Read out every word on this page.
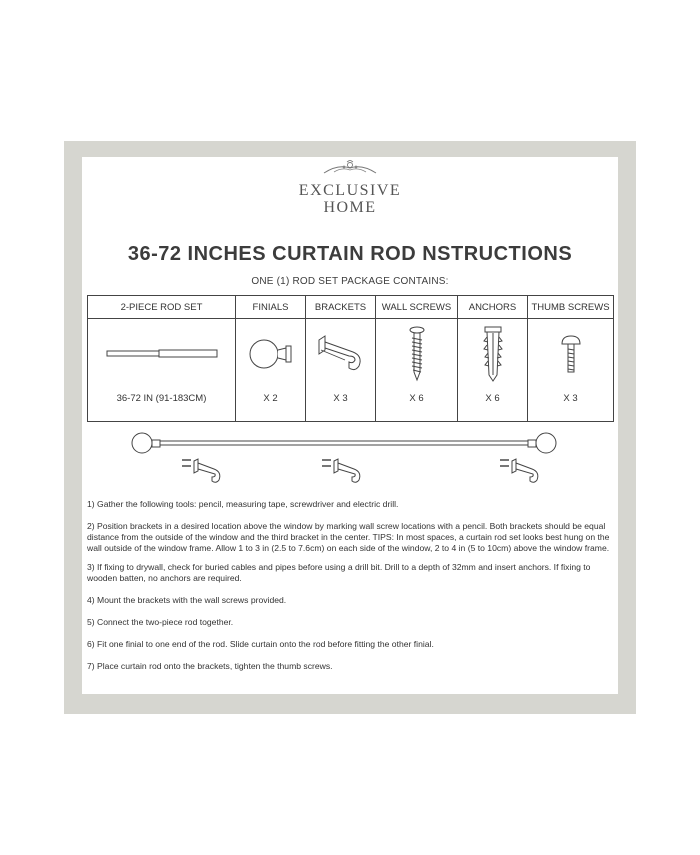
EXCLUSIVE
HOME
36-72 INCHES CURTAIN ROD NSTRUCTIONS
ONE (1) ROD SET PACKAGE CONTAINS:
2-PIECE ROD SET	FINIALS	BRACKETS	WALL SCREWS	ANCHORS	THUMB SCREWS

36-72 IN (91-183CM)	X 2	X 3	X 6	X 6	X 3

1) Gather the following tools: pencil, measuring tape, screwdriver and electric drill.

2) Position brackets in a desired location above the window by marking wall screw locations with a pencil. Both brackets should be equal distance from the outside of the window and the third bracket in the center. TIPS: In most spaces, a curtain rod set looks best hung on the wall outside of the window frame. Allow 1 to 3 in (2.5 to 7.6cm) on each side of the window, 2 to 4 in (5 to 10cm) above the window frame.

3) If fixing to drywall, check for buried cables and pipes before using a drill bit. Drill to a depth of 32mm and insert anchors. If fixing to wooden batten, no anchors are required.

4) Mount the brackets with the wall screws provided.

5) Connect the two-piece rod together.

6) Fit one finial to one end of the rod. Slide curtain onto the rod before fitting the other finial.

7) Place curtain rod onto the brackets, tighten the thumb screws.
